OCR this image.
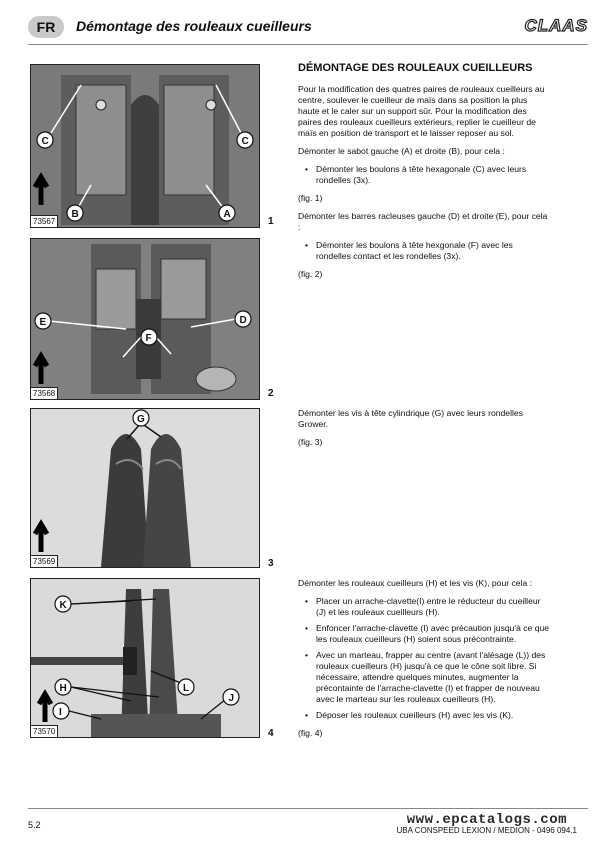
FR	Démontage des rouleaux cueilleurs	CLAAS
C	C
B	A
73567	1
E
F
D
73568	2
G
73569	3
K
H	L
I
J
73570	4
DÉMONTAGE DES ROULEAUX CUEILLEURS

Pour la modification des quatres paires de rouleaux cueilleurs au centre, soulever le cueilleur de maïs dans sa position la plus haute et le caler sur un support sûr. Pour la modification des paires des rouleaux cueilleurs extérieurs, replier le cueilleur de maïs en position de transport et le laisser reposer au sol.

Démonter le sabot gauche (A) et droite (B), pour cela :

• Démonter les boulons à tête hexagonale (C) avec leurs rondelles (3x).

(fig. 1)

Démonter les barres racleuses gauche (D) et droite (E), pour cela :

• Démonter les boulons à tête hexgonale (F) avec les rondelles contact et les rondelles (3x).

(fig. 2)

Démonter les vis à tête cylindrique (G) avec leurs rondelles Grower.

(fig. 3)

Démonter les rouleaux cueilleurs (H) et les vis (K), pour cela :

• Placer un arrache-clavette(I) entre le réducteur du cueilleur (J) et les rouleaux cueilleurs (H).
• Enfoncer l'arrache-clavette (I) avec précaution jusqu'à ce que les rouleaux cueilleurs (H) soient sous précontrainte.
• Avec un marteau, frapper au centre (avant l'alésage (L)) des rouleaux cueilleurs (H) jusqu'à ce que le cône soit libre. Si nécessaire, attendre quelques minutes, augmenter la précontainte de l'arrache-clavette (I) et frapper de nouveau avec le marteau sur les rouleaux cueilleurs (H).
• Déposer les rouleaux cueilleurs (H) avec les vis (K).

(fig. 4)

5.2	www.epcatalogs.com
UBA CONSPEED LEXION / MEDION - 0496 094.1
